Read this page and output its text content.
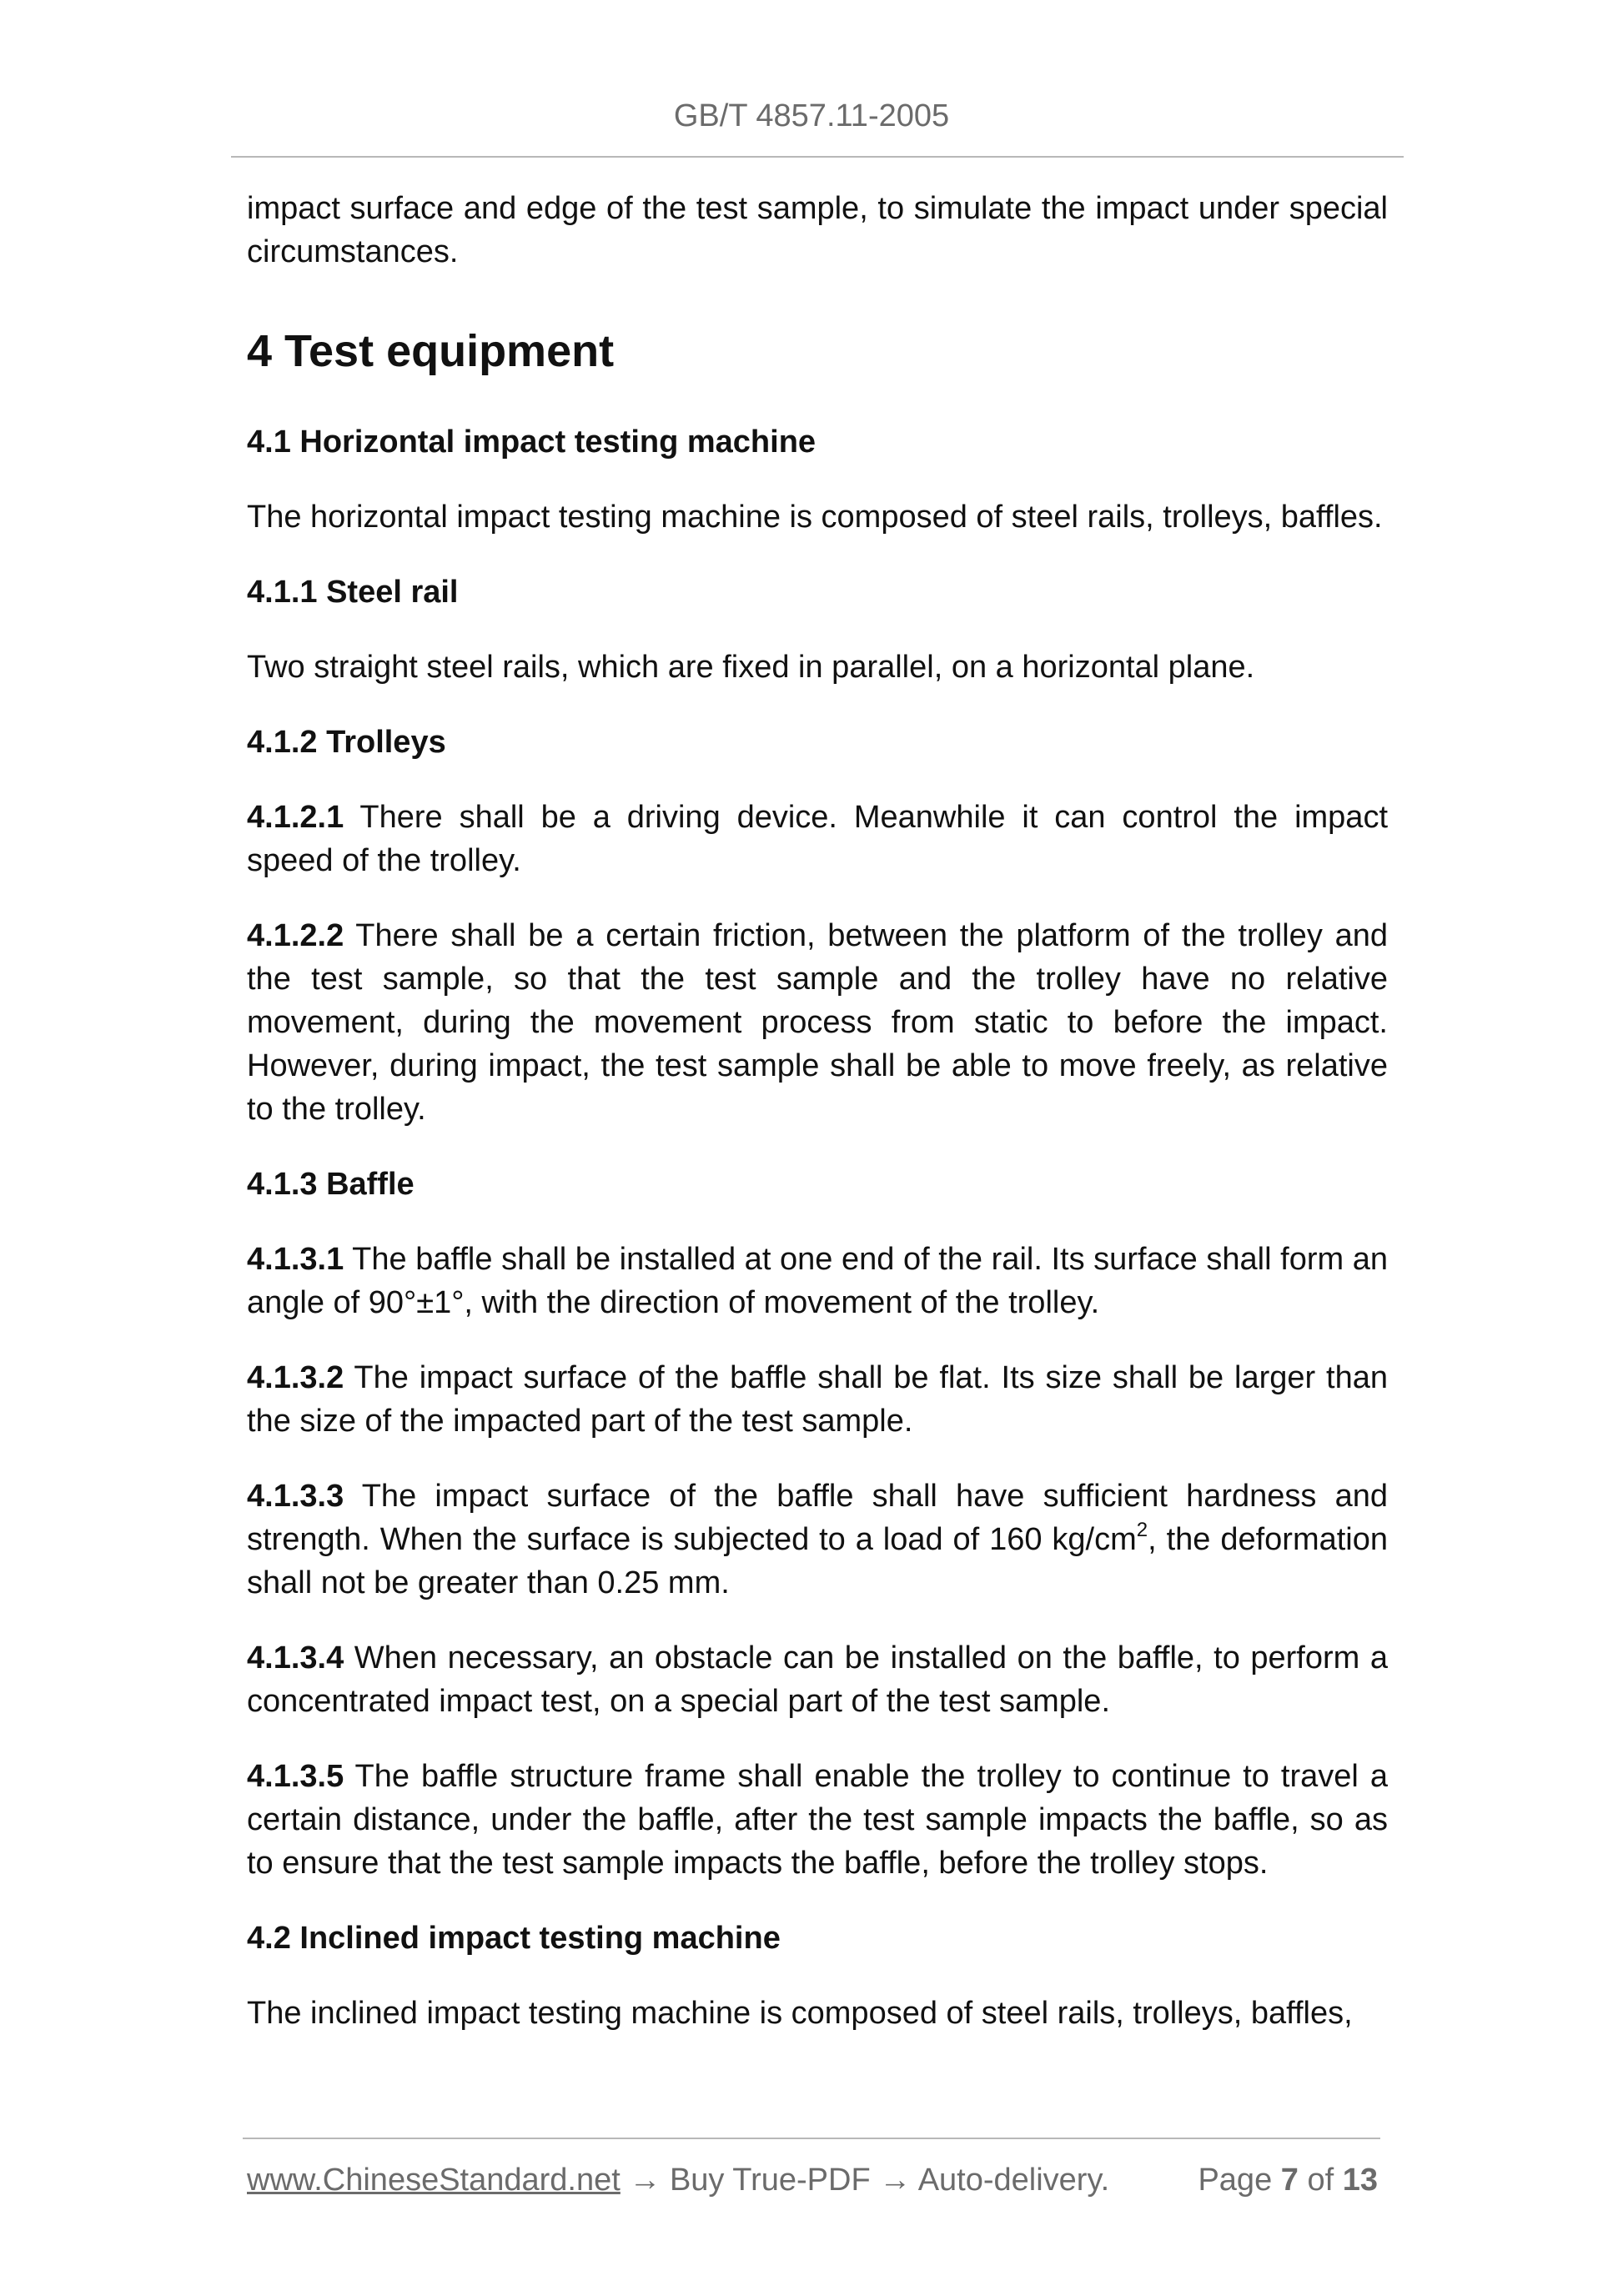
GB/T 4857.11-2005

impact surface and edge of the test sample, to simulate the impact under special circumstances.

4 Test equipment
4.1 Horizontal impact testing machine

The horizontal impact testing machine is composed of steel rails, trolleys, baffles.

4.1.1 Steel rail

Two straight steel rails, which are fixed in parallel, on a horizontal plane.

4.1.2 Trolleys

4.1.2.1 There shall be a driving device. Meanwhile it can control the impact speed of the trolley.

4.1.2.2 There shall be a certain friction, between the platform of the trolley and the test sample, so that the test sample and the trolley have no relative movement, during the movement process from static to before the impact. However, during impact, the test sample shall be able to move freely, as relative to the trolley.

4.1.3 Baffle

4.1.3.1 The baffle shall be installed at one end of the rail. Its surface shall form an angle of 90°±1°, with the direction of movement of the trolley.

4.1.3.2 The impact surface of the baffle shall be flat. Its size shall be larger than the size of the impacted part of the test sample.

4.1.3.3 The impact surface of the baffle shall have sufficient hardness and strength. When the surface is subjected to a load of 160 $kg/cm^2$, the deformation shall not be greater than 0.25 mm.

4.1.3.4 When necessary, an obstacle can be installed on the baffle, to perform a concentrated impact test, on a special part of the test sample.

4.1.3.5 The baffle structure frame shall enable the trolley to continue to travel a certain distance, under the baffle, after the test sample impacts the baffle, so as to ensure that the test sample impacts the baffle, before the trolley stops.

4.2 Inclined impact testing machine

The inclined impact testing machine is composed of steel rails, trolleys, baffles,

www.ChineseStandard.net → Buy True-PDF → Auto-delivery.	Page 7 of 13
